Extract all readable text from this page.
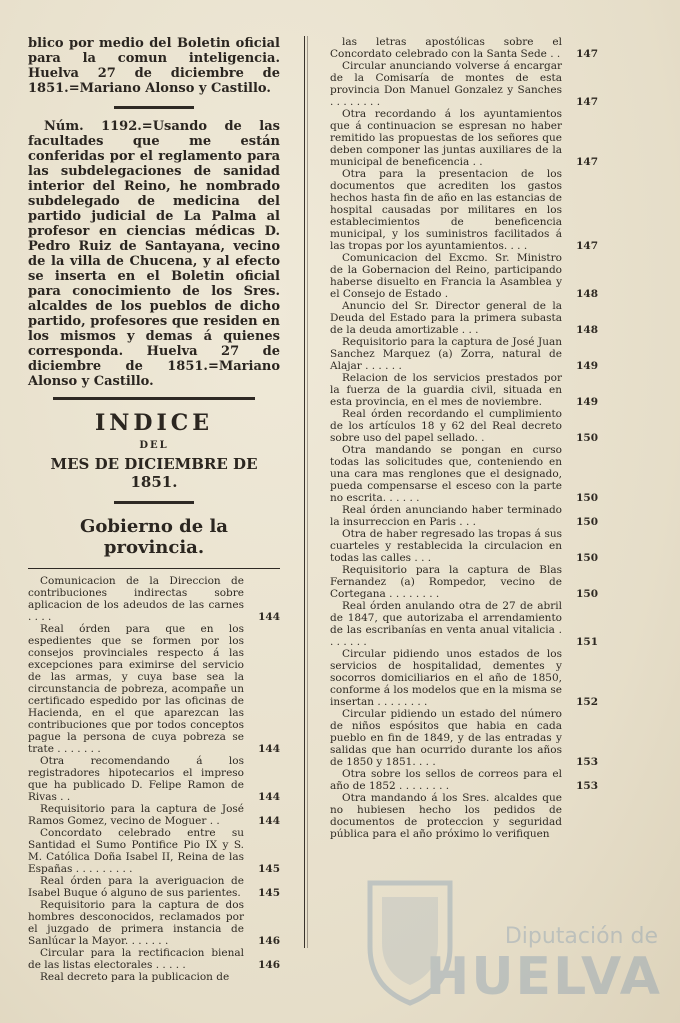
blico por medio del Boletin oficial para la comun inteligencia. Huelva 27 de diciembre de 1851.=Mariano Alonso y Castillo.

Núm. 1192.=Usando de las facultades que me están conferidas por el reglamento para las subdelegaciones de sanidad interior del Reino, he nombrado subdelegado de medicina del partido judicial de La Palma al profesor en ciencias médicas D. Pedro Ruiz de Santayana, vecino de la villa de Chucena, y al efecto se inserta en el Boletin oficial para conocimiento de los Sres. alcaldes de los pueblos de dicho partido, profesores que residen en los mismos y demas á quienes corresponda. Huelva 27 de diciembre de 1851.=Mariano Alonso y Castillo.

INDICE
DEL
MES DE DICIEMBRE DE 1851.
Gobierno de la provincia.
Comunicacion de la Direccion de contribuciones indirectas sobre aplicacion de los adeudos de las carnes . . . .	144
Real órden para que en los espedientes que se formen por los consejos provinciales respecto á las excepciones para eximirse del servicio de las armas, y cuya base sea la circunstancia de pobreza, acompañe un certificado espedido por las oficinas de Hacienda, en el que aparezcan las contribuciones que por todos conceptos pague la persona de cuya pobreza se trate . . . . . . .	144
Otra recomendando á los registradores hipotecarios el impreso que ha publicado D. Felipe Ramon de Rivas . .	144
Requisitorio para la captura de José Ramos Gomez, vecino de Moguer . .	144
Concordato celebrado entre su Santidad el Sumo Pontifice Pio IX y S. M. Católica Doña Isabel II, Reina de las Españas . . . . . . . . .	145
Real órden para la averiguacion de Isabel Buque ó alguno de sus parientes. 145
Requisitorio para la captura de dos hombres desconocidos, reclamados por el juzgado de primera instancia de Sanlúcar la Mayor. . . . . . .	146
Circular para la rectificacion bienal de las listas electorales . . . . .	146
Real decreto para la publicacion de
las letras apostólicas sobre el Concordato celebrado con la Santa Sede . . 147
Circular anunciando volverse á encargar de la Comisaría de montes de esta provincia Don Manuel Gonzalez y Sanches . . . . . . . .	147
Otra recordando á los ayuntamientos que á continuacion se espresan no haber remitido las propuestas de los señores que deben componer las juntas auxiliares de la municipal de beneficencia . .	147
Otra para la presentacion de los documentos que acrediten los gastos hechos hasta fin de año en las estancias de hospital causadas por militares en los establecimientos de beneficencia municipal, y los suministros facilitados á las tropas por los ayuntamientos. . . .	147
Comunicacion del Excmo. Sr. Ministro de la Gobernacion del Reino, participando haberse disuelto en Francia la Asamblea y el Consejo de Estado .	148
Anuncio del Sr. Director general de la Deuda del Estado para la primera subasta de la deuda amortizable . . .	148
Requisitorio para la captura de José Juan Sanchez Marquez (a) Zorra, natural de Alajar . . . . . .	149
Relacion de los servicios prestados por la fuerza de la guardia civil, situada en esta provincia, en el mes de noviembre.	149
Real órden recordando el cumplimiento de los artículos 18 y 62 del Real decreto sobre uso del papel sellado. .	150
Otra mandando se pongan en curso todas las solicitudes que, conteniendo en una cara mas renglones que el designado, pueda compensarse el esceso con la parte no escrita. . . . . .	150
Real órden anunciando haber terminado la insurreccion en Paris . . .	150
Otra de haber regresado las tropas á sus cuarteles y restablecida la circulacion en todas las calles . . .	150
Requisitorio para la captura de Blas Fernandez (a) Rompedor, vecino de Cortegana . . . . . . . .	150
Real órden anulando otra de 27 de abril de 1847, que autorizaba el arrendamiento de las escribanías en venta anual vitalicia . . . . . . .	151
Circular pidiendo unos estados de los servicios de hospitalidad, dementes y socorros domiciliarios en el año de 1850, conforme á los modelos que en la misma se insertan . . . . . . . .	152
Circular pidiendo un estado del número de niños espósitos que habia en cada pueblo en fin de 1849, y de las entradas y salidas que han ocurrido durante los años de 1850 y 1851. . . .	153
Otra sobre los sellos de correos para el año de 1852 . . . . . . . .	153
Otra mandando á los Sres. alcaldes que no hubiesen hecho los pedidos de documentos de proteccion y seguridad pública para el año próximo lo verifiquen
Diputación de
HUELVA
